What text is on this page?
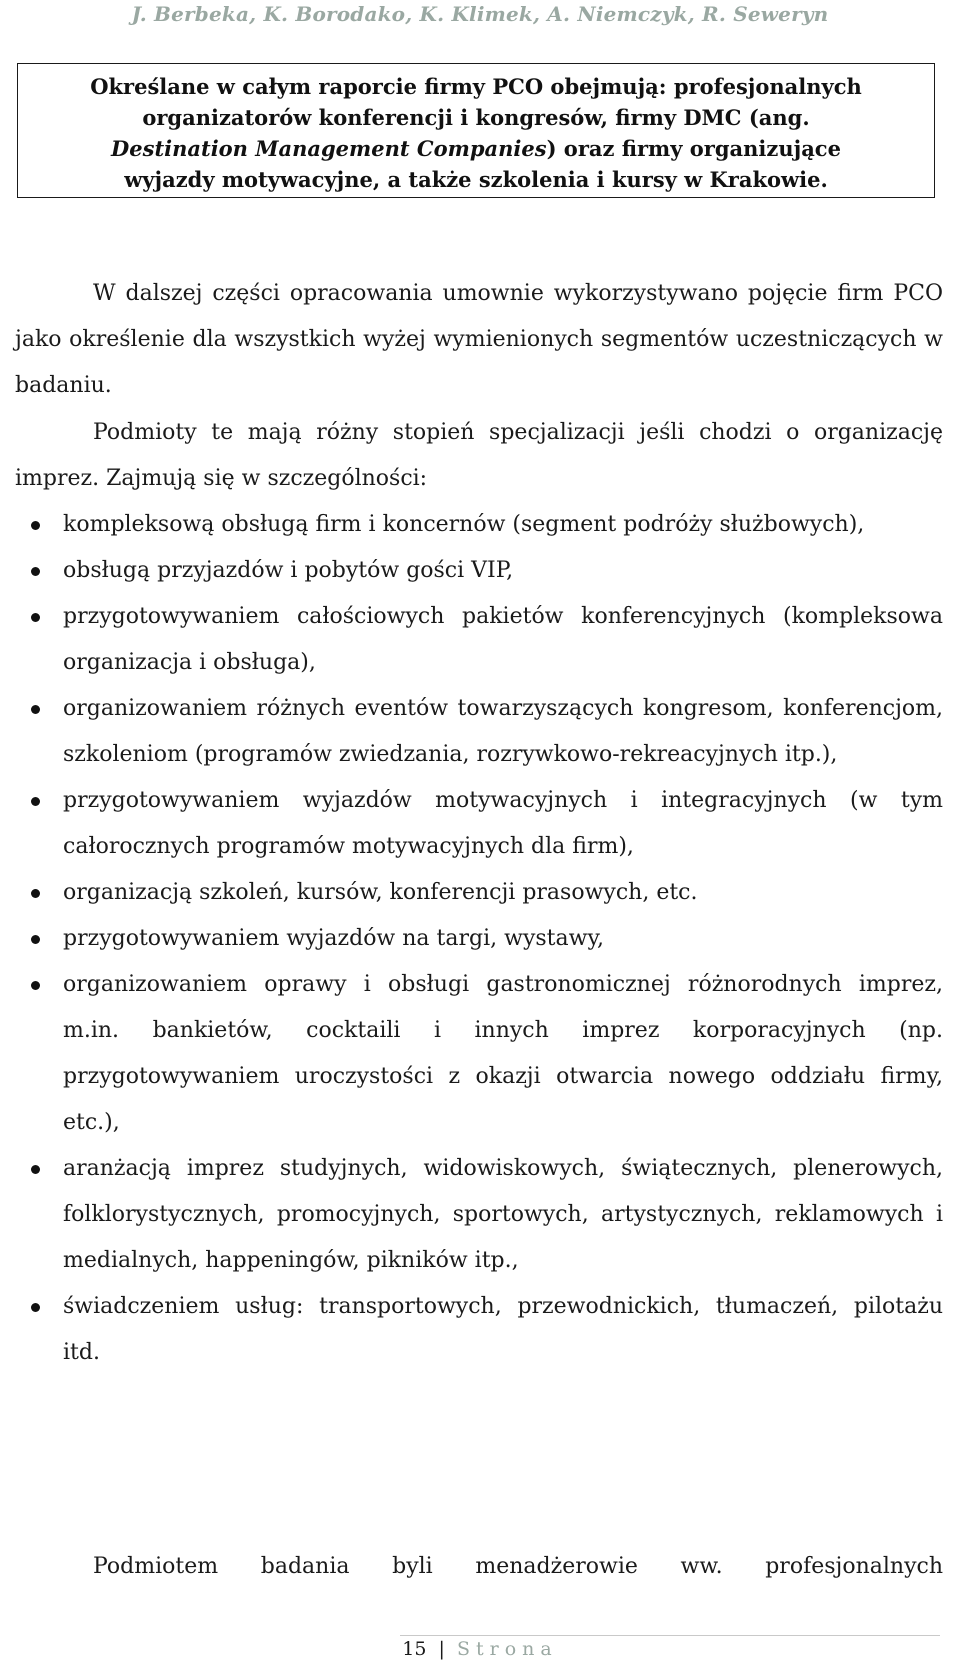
J. Berbeka, K. Borodako, K. Klimek, A. Niemczyk, R. Seweryn
Określane w całym raporcie firmy PCO obejmują: profesjonalnych
organizatorów konferencji i kongresów, firmy DMC (ang.
Destination Management Companies) oraz firmy organizujące
wyjazdy motywacyjne, a także szkolenia i kursy w Krakowie.

W dalszej części opracowania umownie wykorzystywano pojęcie firm PCO jako określenie dla wszystkich wyżej wymienionych segmentów uczestniczących w badaniu.

Podmioty te mają różny stopień specjalizacji jeśli chodzi o organizację imprez. Zajmują się w szczególności:

kompleksową obsługą firm i koncernów (segment podróży służbowych),
obsługą przyjazdów i pobytów gości VIP,
przygotowywaniem całościowych pakietów konferencyjnych (kompleksowa organizacja i obsługa),
organizowaniem różnych eventów towarzyszących kongresom, konferencjom, szkoleniom (programów zwiedzania, rozrywkowo-rekreacyjnych itp.),
przygotowywaniem wyjazdów motywacyjnych i integracyjnych (w tym całorocznych programów motywacyjnych dla firm),
organizacją szkoleń, kursów, konferencji prasowych, etc.
przygotowywaniem wyjazdów na targi, wystawy,
organizowaniem oprawy i obsługi gastronomicznej różnorodnych imprez, m.in. bankietów, cocktaili i innych imprez korporacyjnych (np. przygotowywaniem uroczystości z okazji otwarcia nowego oddziału firmy, etc.),
aranżacją imprez studyjnych, widowiskowych, świątecznych, plenerowych, folklorystycznych, promocyjnych, sportowych, artystycznych, reklamowych i medialnych, happeningów, pikników itp.,
świadczeniem usług: transportowych, przewodnickich, tłumaczeń, pilotażu itd.

Podmiotem badania byli menadżerowie ww. profesjonalnych

15 | Strona
